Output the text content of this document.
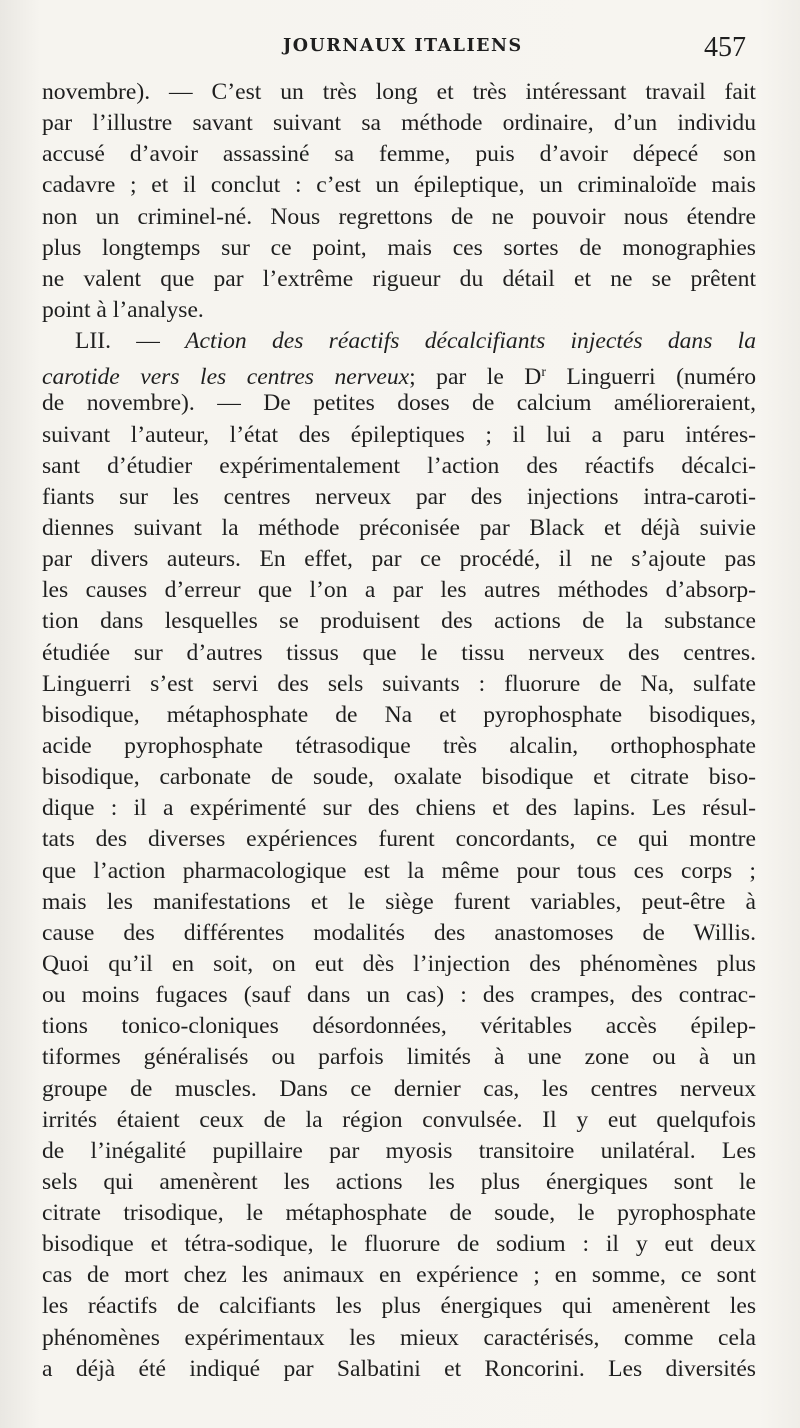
JOURNAUX ITALIENS	457
novembre). — C’est un très long et très intéressant travail fait
par l’illustre savant suivant sa méthode ordinaire, d’un individu
accusé d’avoir assassiné sa femme, puis d’avoir dépecé son
cadavre ; et il conclut : c’est un épileptique, un criminaloïde mais
non un criminel-né. Nous regrettons de ne pouvoir nous étendre
plus longtemps sur ce point, mais ces sortes de monographies
ne valent que par l’extrême rigueur du détail et ne se prêtent
point à l’analyse.
LII. — Action des réactifs décalcifiants injectés dans la
carotide vers les centres nerveux; par le $D^r$ Linguerri (numéro
de novembre). — De petites doses de calcium amélioreraient,
suivant l’auteur, l’état des épileptiques ; il lui a paru intéres-
sant d’étudier expérimentalement l’action des réactifs décalci-
fiants sur les centres nerveux par des injections intra-caroti-
diennes suivant la méthode préconisée par Black et déjà suivie
par divers auteurs. En effet, par ce procédé, il ne s’ajoute pas
les causes d’erreur que l’on a par les autres méthodes d’absorp-
tion dans lesquelles se produisent des actions de la substance
étudiée sur d’autres tissus que le tissu nerveux des centres.
Linguerri s’est servi des sels suivants : fluorure de Na, sulfate
bisodique, métaphosphate de Na et pyrophosphate bisodiques,
acide pyrophosphate tétrasodique très alcalin, orthophosphate
bisodique, carbonate de soude, oxalate bisodique et citrate biso-
dique : il a expérimenté sur des chiens et des lapins. Les résul-
tats des diverses expériences furent concordants, ce qui montre
que l’action pharmacologique est la même pour tous ces corps ;
mais les manifestations et le siège furent variables, peut-être à
cause des différentes modalités des anastomoses de Willis.
Quoi qu’il en soit, on eut dès l’injection des phénomènes plus
ou moins fugaces (sauf dans un cas) : des crampes, des contrac-
tions tonico-cloniques désordonnées, véritables accès épilep-
tiformes généralisés ou parfois limités à une zone ou à un
groupe de muscles. Dans ce dernier cas, les centres nerveux
irrités étaient ceux de la région convulsée. Il y eut quelqufois
de l’inégalité pupillaire par myosis transitoire unilatéral. Les
sels qui amenèrent les actions les plus énergiques sont le
citrate trisodique, le métaphosphate de soude, le pyrophosphate
bisodique et tétra-sodique, le fluorure de sodium : il y eut deux
cas de mort chez les animaux en expérience ; en somme, ce sont
les réactifs de calcifiants les plus énergiques qui amenèrent les
phénomènes expérimentaux les mieux caractérisés, comme cela
a déjà été indiqué par Salbatini et Roncorini. Les diversités
